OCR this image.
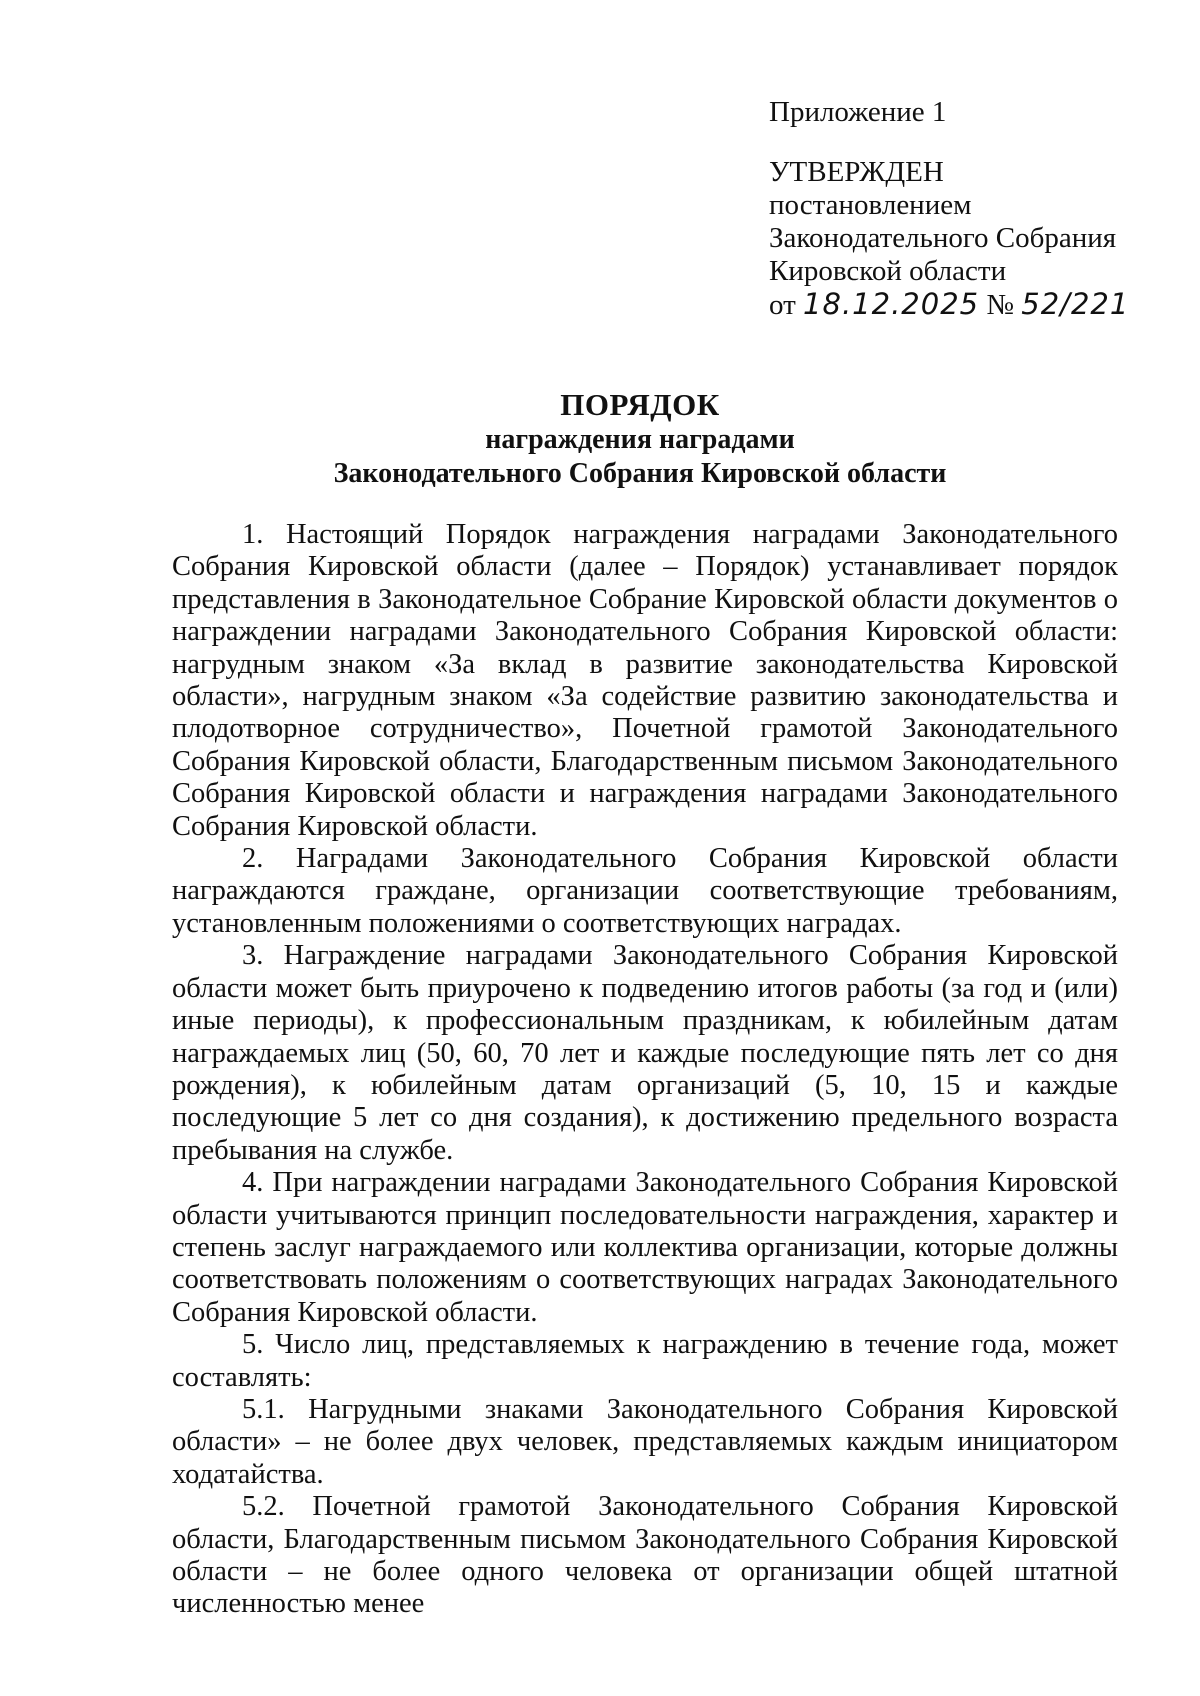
Приложение 1
УТВЕРЖДЕН
постановлением
Законодательного Собрания
Кировской области
от 18.12.2025 № 52/221
ПОРЯДОК
награждения наградами
Законодательного Собрания Кировской области

1. Настоящий Порядок награждения наградами Законодательного Собрания Кировской области (далее – Порядок) устанавливает порядок представления в Законодательное Собрание Кировской области документов о награждении наградами Законодательного Собрания Кировской области: нагрудным знаком «За вклад в развитие законодательства Кировской области», нагрудным знаком «За содействие развитию законодательства и плодотворное сотрудничество», Почетной грамотой Законодательного Собрания Кировской области, Благодарственным письмом Законодательного Собрания Кировской области и награждения наградами Законодательного Собрания Кировской области.

2. Наградами Законодательного Собрания Кировской области награждаются граждане, организации соответствующие требованиям, установленным положениями о соответствующих наградах.

3. Награждение наградами Законодательного Собрания Кировской области может быть приурочено к подведению итогов работы (за год и (или) иные периоды), к профессиональным праздникам, к юбилейным датам награждаемых лиц (50, 60, 70 лет и каждые последующие пять лет со дня рождения), к юбилейным датам организаций (5, 10, 15 и каждые последующие 5 лет со дня создания), к достижению предельного возраста пребывания на службе.

4. При награждении наградами Законодательного Собрания Кировской области учитываются принцип последовательности награждения, характер и степень заслуг награждаемого или коллектива организации, которые должны соответствовать положениям о соответствующих наградах Законодательного Собрания Кировской области.

5. Число лиц, представляемых к награждению в течение года, может составлять:

5.1. Нагрудными знаками Законодательного Собрания Кировской области» – не более двух человек, представляемых каждым инициатором ходатайства.

5.2. Почетной грамотой Законодательного Собрания Кировской области, Благодарственным письмом Законодательного Собрания Кировской области – не более одного человека от организации общей штатной численностью менее
